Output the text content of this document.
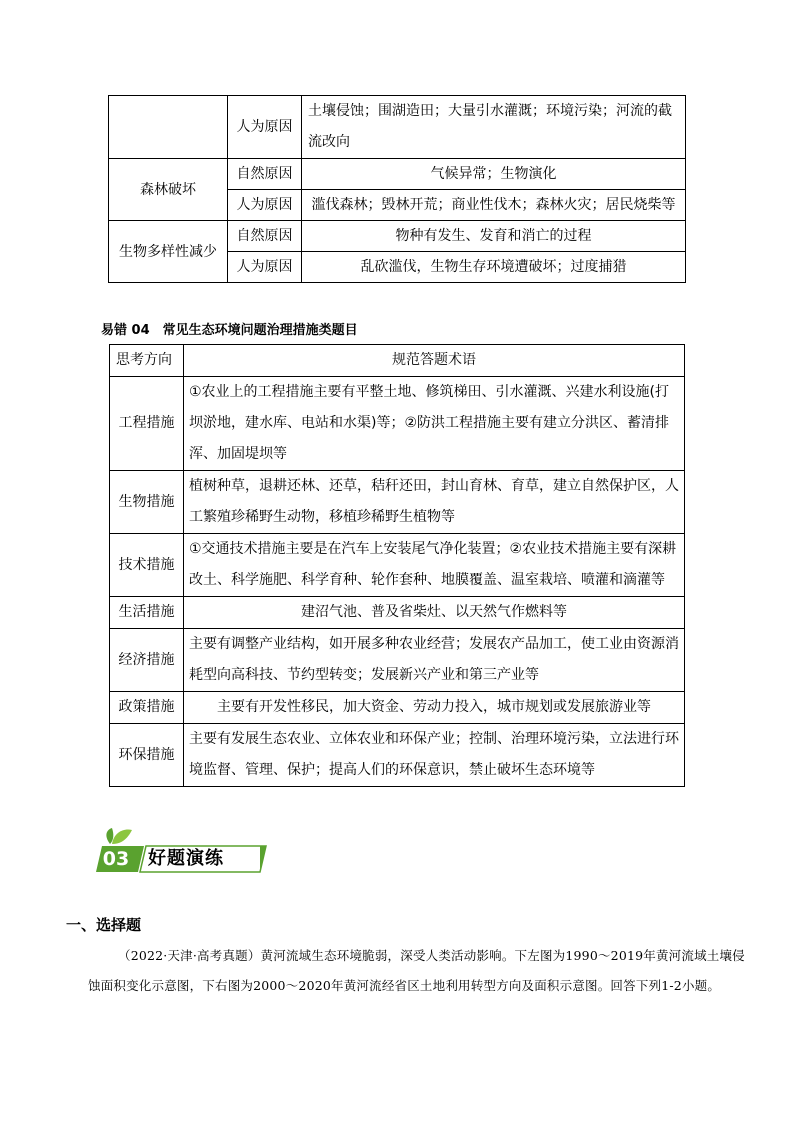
	人为原因	土壤侵蚀；围湖造田；大量引水灌溉；环境污染；河流的截流改向
森林破坏	自然原因	气候异常；生物演化
	人为原因	滥伐森林；毁林开荒；商业性伐木；森林火灾；居民烧柴等
生物多样性减少	自然原因	物种有发生、发育和消亡的过程
	人为原因	乱砍滥伐，生物生存环境遭破坏；过度捕猎
易错 04　常见生态环境问题治理措施类题目
思考方向	规范答题术语
工程措施	①农业上的工程措施主要有平整土地、修筑梯田、引水灌溉、兴建水利设施(打坝淤地，建水库、电站和水渠)等；②防洪工程措施主要有建立分洪区、蓄清排浑、加固堤坝等
生物措施	植树种草，退耕还林、还草，秸秆还田，封山育林、育草，建立自然保护区，人工繁殖珍稀野生动物，移植珍稀野生植物等
技术措施	①交通技术措施主要是在汽车上安装尾气净化装置；②农业技术措施主要有深耕改土、科学施肥、科学育种、轮作套种、地膜覆盖、温室栽培、喷灌和滴灌等
生活措施	建沼气池、普及省柴灶、以天然气作燃料等
经济措施	主要有调整产业结构，如开展多种农业经营；发展农产品加工，使工业由资源消耗型向高科技、节约型转变；发展新兴产业和第三产业等
政策措施	主要有开发性移民，加大资金、劳动力投入，城市规划或发展旅游业等
环保措施	主要有发展生态农业、立体农业和环保产业；控制、治理环境污染，立法进行环境监督、管理、保护；提高人们的环保意识，禁止破坏生态环境等
03	好题演练
一、选择题
（2022·天津·高考真题）黄河流域生态环境脆弱，深受人类活动影响。下左图为1990～2019年黄河流域土壤侵蚀面积变化示意图，下右图为2000～2020年黄河流经省区土地利用转型方向及面积示意图。回答下列1-2小题。
